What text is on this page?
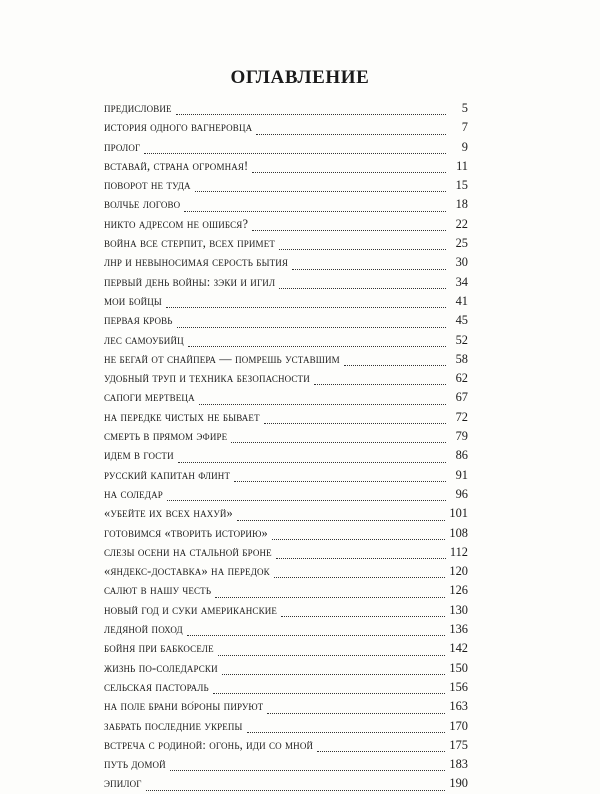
ОГЛАВЛЕНИЕ
предисловие	5
история одного вагнеровца	7
пролог	9
вставай, страна огромная!	11
поворот не туда	15
волчье логово	18
никто адресом не ошибся?	22
война все стерпит, всех примет	25
лнр и невыносимая серость бытия	30
первый день войны: зэки и игил	34
мои бойцы	41
первая кровь	45
лес самоубийц	52
не бегай от снайпера — помрешь уставшим	58
удобный труп и техника безопасности	62
сапоги мертвеца	67
на передке чистых не бывает	72
смерть в прямом эфире	79
идем в гости	86
русский капитан флинт	91
на соледар	96
«убейте их всех нахуй»	101
готовимся «творить историю»	108
слезы осени на стальной броне	112
«яндекс-доставка» на передок	120
салют в нашу честь	126
новый год и суки американские	130
ледяной поход	136
бойня при бабкоселе	142
жизнь по-соледарски	150
сельская пастораль	156
на поле брани во́роны пируют	163
забрать последние укрепы	170
встреча с родиной: огонь, иди со мной	175
путь домой	183
эпилог	190
